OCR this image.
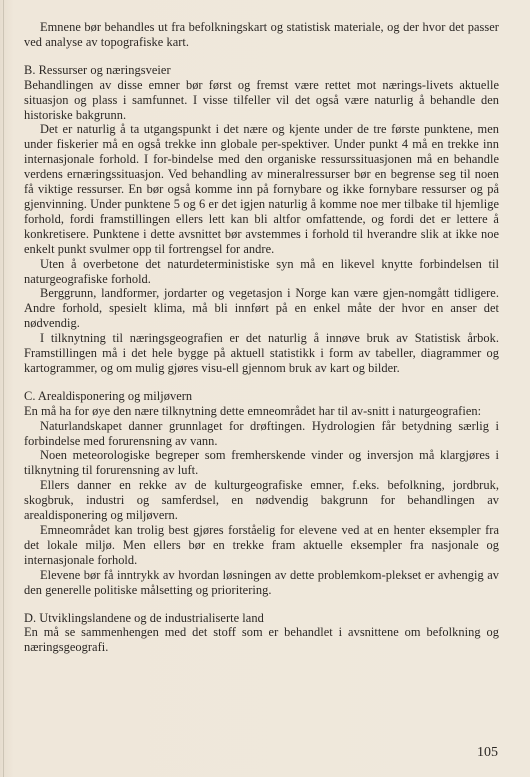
Emnene bør behandles ut fra befolkningskart og statistisk materiale, og der hvor det passer ved analyse av topografiske kart.

B. Ressurser og næringsveier

Behandlingen av disse emner bør først og fremst være rettet mot nærings-livets aktuelle situasjon og plass i samfunnet. I visse tilfeller vil det også være naturlig å behandle den historiske bakgrunn.

Det er naturlig å ta utgangspunkt i det nære og kjente under de tre første punktene, men under fiskerier må en også trekke inn globale per-spektiver. Under punkt 4 må en trekke inn internasjonale forhold. I for-bindelse med den organiske ressurssituasjonen må en behandle verdens ernæringssituasjon. Ved behandling av mineralressurser bør en begrense seg til noen få viktige ressurser. En bør også komme inn på fornybare og ikke fornybare ressurser og på gjenvinning. Under punktene 5 og 6 er det igjen naturlig å komme noe mer tilbake til hjemlige forhold, fordi framstillingen ellers lett kan bli altfor omfattende, og fordi det er lettere å konkretisere. Punktene i dette avsnittet bør avstemmes i forhold til hverandre slik at ikke noe enkelt punkt svulmer opp til fortrengsel for andre.

Uten å overbetone det naturdeterministiske syn må en likevel knytte forbindelsen til naturgeografiske forhold.

Berggrunn, landformer, jordarter og vegetasjon i Norge kan være gjen-nomgått tidligere. Andre forhold, spesielt klima, må bli innført på en enkel måte der hvor en anser det nødvendig.

I tilknytning til næringsgeografien er det naturlig å innøve bruk av Statistisk årbok. Framstillingen må i det hele bygge på aktuell statistikk i form av tabeller, diagrammer og kartogrammer, og om mulig gjøres visu-ell gjennom bruk av kart og bilder.

C. Arealdisponering og miljøvern

En må ha for øye den nære tilknytning dette emneområdet har til av-snitt i naturgeografien:

Naturlandskapet danner grunnlaget for drøftingen. Hydrologien får betydning særlig i forbindelse med forurensning av vann.

Noen meteorologiske begreper som fremherskende vinder og inversjon må klargjøres i tilknytning til forurensning av luft.

Ellers danner en rekke av de kulturgeografiske emner, f.eks. befolkning, jordbruk, skogbruk, industri og samferdsel, en nødvendig bakgrunn for behandlingen av arealdisponering og miljøvern.

Emneområdet kan trolig best gjøres forståelig for elevene ved at en henter eksempler fra det lokale miljø. Men ellers bør en trekke fram aktuelle eksempler fra nasjonale og internasjonale forhold.

Elevene bør få inntrykk av hvordan løsningen av dette problemkom-plekset er avhengig av den generelle politiske målsetting og prioritering.

D. Utviklingslandene og de industrialiserte land

En må se sammenhengen med det stoff som er behandlet i avsnittene om befolkning og næringsgeografi.

105
